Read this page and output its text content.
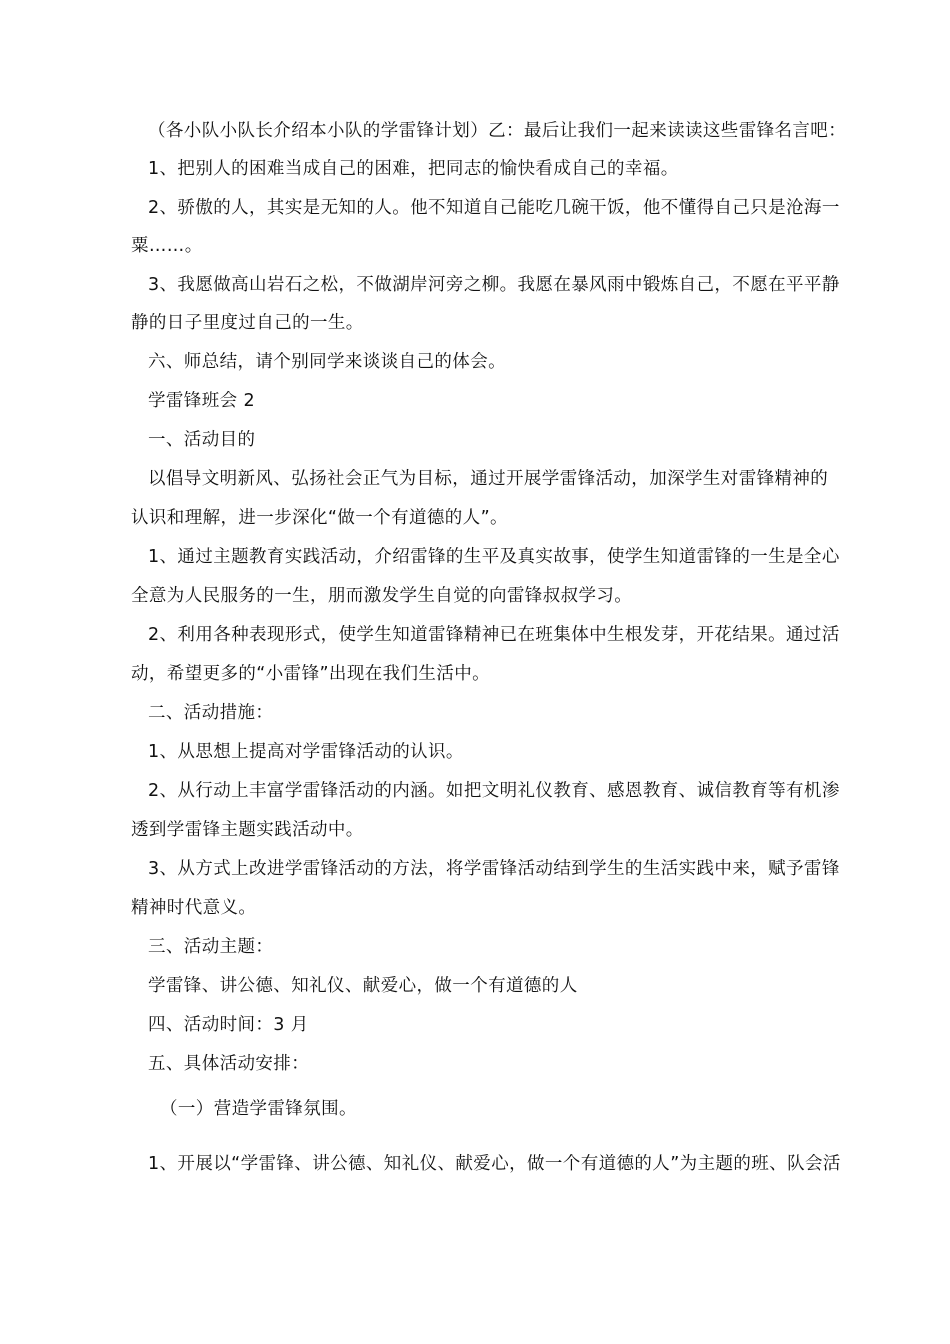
（各小队小队长介绍本小队的学雷锋计划）乙：最后让我们一起来读读这些雷锋名言吧：
1、把别人的困难当成自己的困难，把同志的愉快看成自己的幸福。
2、骄傲的人，其实是无知的人。他不知道自己能吃几碗干饭，他不懂得自己只是沧海一
粟……。
3、我愿做高山岩石之松，不做湖岸河旁之柳。我愿在暴风雨中锻炼自己，不愿在平平静
静的日子里度过自己的一生。
六、师总结，请个别同学来谈谈自己的体会。
学雷锋班会 2
一、活动目的
以倡导文明新风、弘扬社会正气为目标，通过开展学雷锋活动，加深学生对雷锋精神的
认识和理解，进一步深化“做一个有道德的人”。
1、通过主题教育实践活动，介绍雷锋的生平及真实故事，使学生知道雷锋的一生是全心
全意为人民服务的一生，朋而激发学生自觉的向雷锋叔叔学习。
2、利用各种表现形式，使学生知道雷锋精神已在班集体中生根发芽，开花结果。通过活
动，希望更多的“小雷锋”出现在我们生活中。
二、活动措施：
1、从思想上提高对学雷锋活动的认识。
2、从行动上丰富学雷锋活动的内涵。如把文明礼仪教育、感恩教育、诚信教育等有机渗
透到学雷锋主题实践活动中。
3、从方式上改进学雷锋活动的方法，将学雷锋活动结到学生的生活实践中来，赋予雷锋
精神时代意义。
三、活动主题：
学雷锋、讲公德、知礼仪、献爱心，做一个有道德的人
四、活动时间：3 月
五、具体活动安排：
（一）营造学雷锋氛围。
1、开展以“学雷锋、讲公德、知礼仪、献爱心，做一个有道德的人”为主题的班、队会活
